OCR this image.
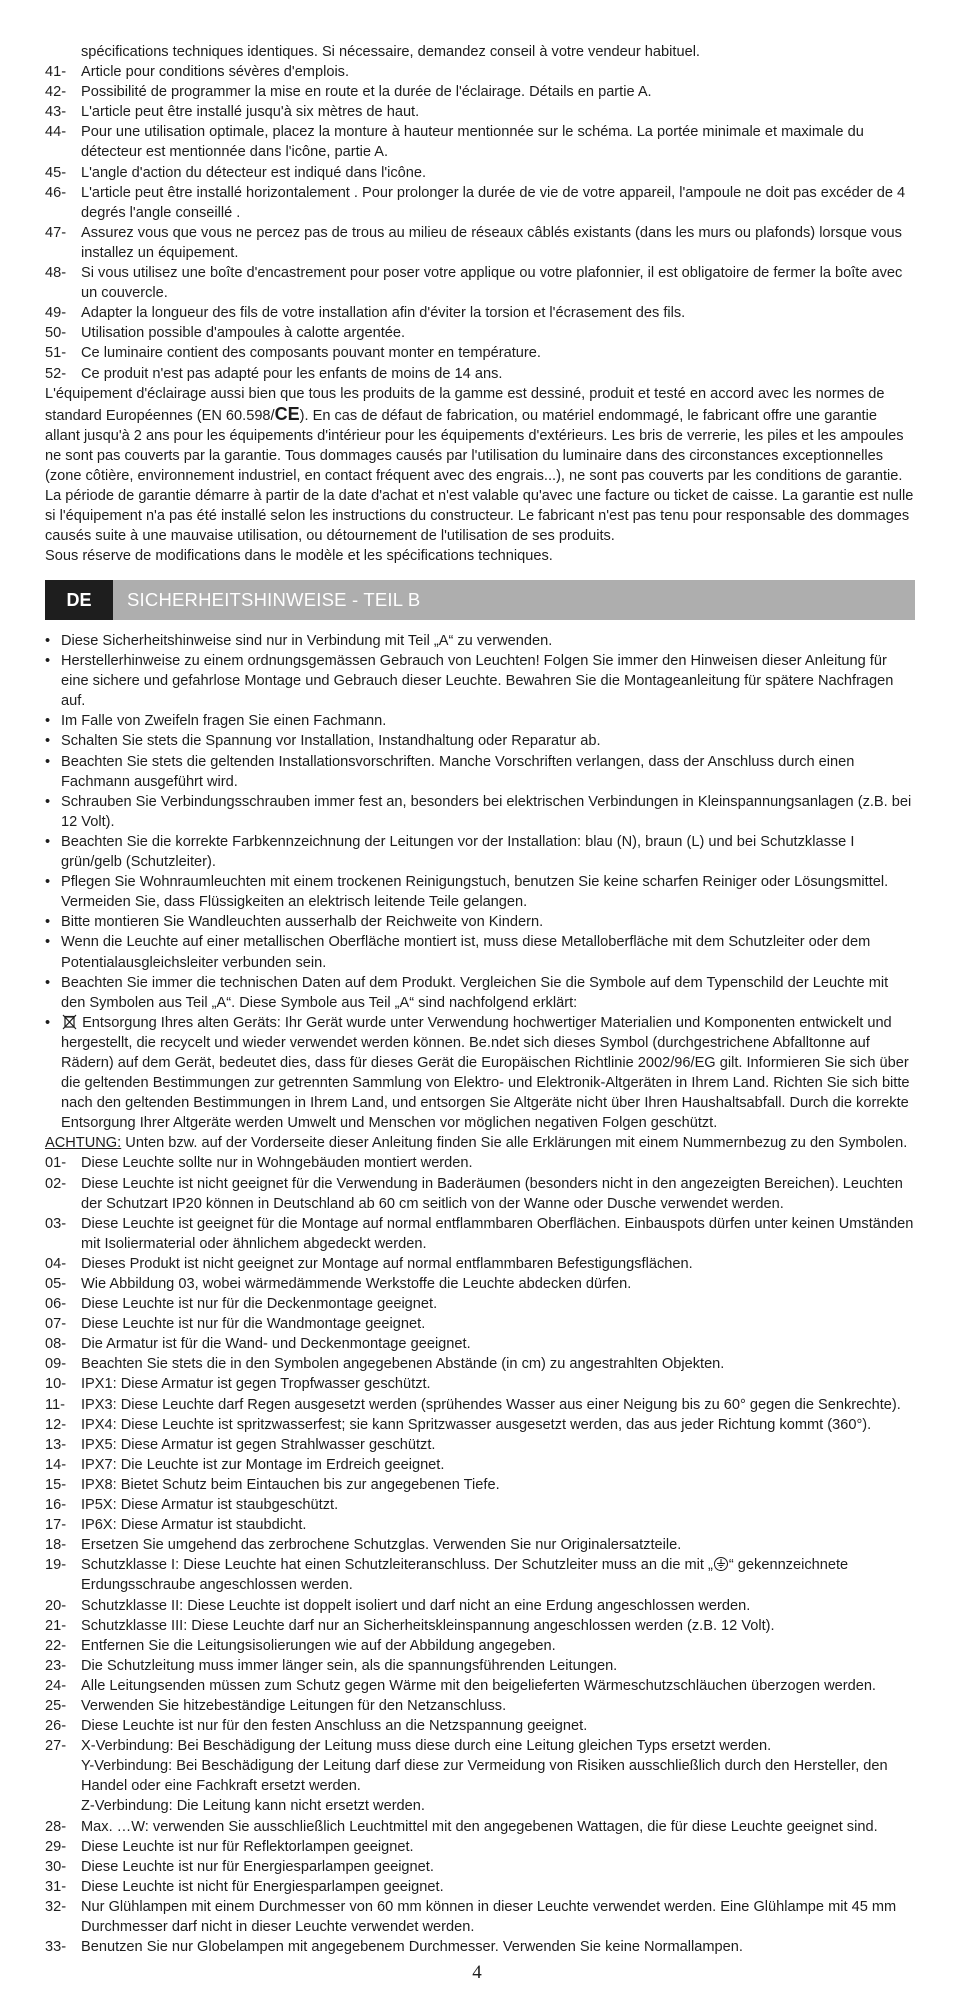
spécifications techniques identiques. Si nécessaire, demandez conseil à votre vendeur habituel.
41-	Article pour conditions sévères d'emplois.
42-	Possibilité de programmer la mise en route et la durée de l'éclairage. Détails en partie A.
43-	L'article peut être installé jusqu'à six mètres de haut.
44-	Pour une utilisation optimale, placez la monture à hauteur mentionnée sur le schéma. La portée minimale et maximale du détecteur est mentionnée dans l'icône, partie A.
45-	L'angle d'action du détecteur est indiqué dans l'icône.
46-	L'article peut être installé horizontalement . Pour prolonger la durée de vie de votre appareil, l'ampoule ne doit pas excéder de 4 degrés l'angle conseillé .
47-	Assurez vous que vous ne percez pas de trous au milieu de réseaux câblés existants (dans les murs ou plafonds) lorsque vous installez un équipement.
48-	Si vous utilisez une boîte d'encastrement pour poser votre applique ou votre plafonnier, il est obligatoire de fermer la boîte avec un couvercle.
49-	Adapter la longueur des fils de votre installation afin d'éviter la torsion et l'écrasement des fils.
50-	Utilisation possible d'ampoules à calotte argentée.
51-	Ce luminaire contient des composants pouvant monter en température.
52-	Ce produit n'est pas adapté pour les enfants de moins de 14 ans.
L'équipement d'éclairage aussi bien que tous les produits de la gamme est dessiné, produit et testé en accord avec les normes de standard Européennes (EN 60.598/CE). En cas de défaut de fabrication, ou matériel endommagé, le fabricant offre une garantie allant jusqu'à 2 ans pour les équipements d'intérieur pour les équipements d'extérieurs. Les bris de verrerie, les piles et les ampoules ne sont pas couverts par la garantie. Tous dommages causés par l'utilisation du luminaire dans des circonstances exceptionnelles (zone côtière, environnement industriel, en contact fréquent avec des engrais...), ne sont pas couverts par les conditions de garantie. La période de garantie démarre à partir de la date d'achat et n'est valable qu'avec une facture ou ticket de caisse. La garantie est nulle si l'équipement n'a pas été installé selon les instructions du constructeur. Le fabricant n'est pas tenu pour responsable des dommages causés suite à une mauvaise utilisation, ou détournement de l'utilisation de ses produits.
Sous réserve de modifications dans le modèle et les spécifications techniques.
DE	SICHERHEITSHINWEISE - TEIL B
• Diese Sicherheitshinweise sind nur in Verbindung mit Teil „A“ zu verwenden.
• Herstellerhinweise zu einem ordnungsgemässen Gebrauch von Leuchten! Folgen Sie immer den Hinweisen dieser Anleitung für eine sichere und gefahrlose Montage und Gebrauch dieser Leuchte. Bewahren Sie die Montageanleitung für spätere Nachfragen auf.
• Im Falle von Zweifeln fragen Sie einen Fachmann.
• Schalten Sie stets die Spannung vor Installation, Instandhaltung oder Reparatur ab.
• Beachten Sie stets die geltenden Installationsvorschriften. Manche Vorschriften verlangen, dass der Anschluss durch einen Fachmann ausgeführt wird.
• Schrauben Sie Verbindungsschrauben immer fest an, besonders bei elektrischen Verbindungen in Kleinspannungsanlagen (z.B. bei 12 Volt).
• Beachten Sie die korrekte Farbkennzeichnung der Leitungen vor der Installation: blau (N), braun (L) und bei Schutzklasse I grün/gelb (Schutzleiter).
• Pflegen Sie Wohnraumleuchten mit einem trockenen Reinigungstuch, benutzen Sie keine scharfen Reiniger oder Lösungsmittel. Vermeiden Sie, dass Flüssigkeiten an elektrisch leitende Teile gelangen.
• Bitte montieren Sie Wandleuchten ausserhalb der Reichweite von Kindern.
• Wenn die Leuchte auf einer metallischen Oberfläche montiert ist, muss diese Metalloberfläche mit dem Schutzleiter oder dem Potentialausgleichsleiter verbunden sein.
• Beachten Sie immer die technischen Daten auf dem Produkt. Vergleichen Sie die Symbole auf dem Typenschild der Leuchte mit den Symbolen aus Teil „A“. Diese Symbole aus Teil „A“ sind nachfolgend erklärt:
•	Entsorgung Ihres alten Geräts: Ihr Gerät wurde unter Verwendung hochwertiger Materialien und Komponenten entwickelt und hergestellt, die recycelt und wieder verwendet werden können. Be.ndet sich dieses Symbol (durchgestrichene Abfalltonne auf Rädern) auf dem Gerät, bedeutet dies, dass für dieses Gerät die Europäischen Richtlinie 2002/96/EG gilt. Informieren Sie sich über die geltenden Bestimmungen zur getrennten Sammlung von Elektro- und Elektronik-Altgeräten in Ihrem Land. Richten Sie sich bitte nach den geltenden Bestimmungen in Ihrem Land, und entsorgen Sie Altgeräte nicht über Ihren Haushaltsabfall. Durch die korrekte Entsorgung Ihrer Altgeräte werden Umwelt und Menschen vor möglichen negativen Folgen geschützt.
ACHTUNG: Unten bzw. auf der Vorderseite dieser Anleitung finden Sie alle Erklärungen mit einem Nummernbezug zu den Symbolen.
01-	Diese Leuchte sollte nur in Wohngebäuden montiert werden.
02-	Diese Leuchte ist nicht geeignet für die Verwendung in Baderäumen (besonders nicht in den angezeigten Bereichen). Leuchten der Schutzart IP20 können in Deutschland ab 60 cm seitlich von der Wanne oder Dusche verwendet werden.
03-	Diese Leuchte ist geeignet für die Montage auf normal entflammbaren Oberflächen. Einbauspots dürfen unter keinen Umständen mit Isoliermaterial oder ähnlichem abgedeckt werden.
04-	Dieses Produkt ist nicht geeignet zur Montage auf normal entflammbaren Befestigungsflächen.
05-	Wie Abbildung 03, wobei wärmedämmende Werkstoffe die Leuchte abdecken dürfen.
06-	Diese Leuchte ist nur für die Deckenmontage geeignet.
07-	Diese Leuchte ist nur für die Wandmontage geeignet.
08-	Die Armatur ist für die Wand- und Deckenmontage geeignet.
09-	Beachten Sie stets die in den Symbolen angegebenen Abstände (in cm) zu angestrahlten Objekten.
10-	IPX1: Diese Armatur ist gegen Tropfwasser geschützt.
11-	IPX3: Diese Leuchte darf Regen ausgesetzt werden (sprühendes Wasser aus einer Neigung bis zu 60° gegen die Senkrechte).
12-	IPX4: Diese Leuchte ist spritzwasserfest; sie kann Spritzwasser ausgesetzt werden, das aus jeder Richtung kommt (360°).
13-	IPX5: Diese Armatur ist gegen Strahlwasser geschützt.
14-	IPX7: Die Leuchte ist zur Montage im Erdreich geeignet.
15-	IPX8: Bietet Schutz beim Eintauchen bis zur angegebenen Tiefe.
16-	IP5X: Diese Armatur ist staubgeschützt.
17-	IP6X: Diese Armatur ist staubdicht.
18-	Ersetzen Sie umgehend das zerbrochene Schutzglas. Verwenden Sie nur Originalersatzteile.
19-	Schutzklasse I: Diese Leuchte hat einen Schutzleiteranschluss. Der Schutzleiter muss an die mit „ “ gekennzeichnete Erdungsschraube angeschlossen werden.
20-	Schutzklasse II: Diese Leuchte ist doppelt isoliert und darf nicht an eine Erdung angeschlossen werden.
21-	Schutzklasse III: Diese Leuchte darf nur an Sicherheitskleinspannung angeschlossen werden (z.B. 12 Volt).
22-	Entfernen Sie die Leitungsisolierungen wie auf der Abbildung angegeben.
23-	Die Schutzleitung muss immer länger sein, als die spannungsführenden Leitungen.
24-	Alle Leitungsenden müssen zum Schutz gegen Wärme mit den beigelieferten Wärmeschutzschläuchen überzogen werden.
25-	Verwenden Sie hitzebeständige Leitungen für den Netzanschluss.
26-	Diese Leuchte ist nur für den festen Anschluss an die Netzspannung geeignet.
27-	X-Verbindung: Bei Beschädigung der Leitung muss diese durch eine Leitung gleichen Typs ersetzt werden.
Y-Verbindung: Bei Beschädigung der Leitung darf diese zur Vermeidung von Risiken ausschließlich durch den Hersteller, den Handel oder eine Fachkraft ersetzt werden.
Z-Verbindung: Die Leitung kann nicht ersetzt werden.
28-	Max. …W: verwenden Sie ausschließlich Leuchtmittel mit den angegebenen Wattagen, die für diese Leuchte geeignet sind.
29-	Diese Leuchte ist nur für Reflektorlampen geeignet.
30-	Diese Leuchte ist nur für Energiesparlampen geeignet.
31-	Diese Leuchte ist nicht für Energiesparlampen geeignet.
32-	Nur Glühlampen mit einem Durchmesser von 60 mm können in dieser Leuchte verwendet werden. Eine Glühlampe mit 45 mm Durchmesser darf nicht in dieser Leuchte verwendet werden.
33-	Benutzen Sie nur Globelampen mit angegebenem Durchmesser. Verwenden Sie keine Normallampen.
4
